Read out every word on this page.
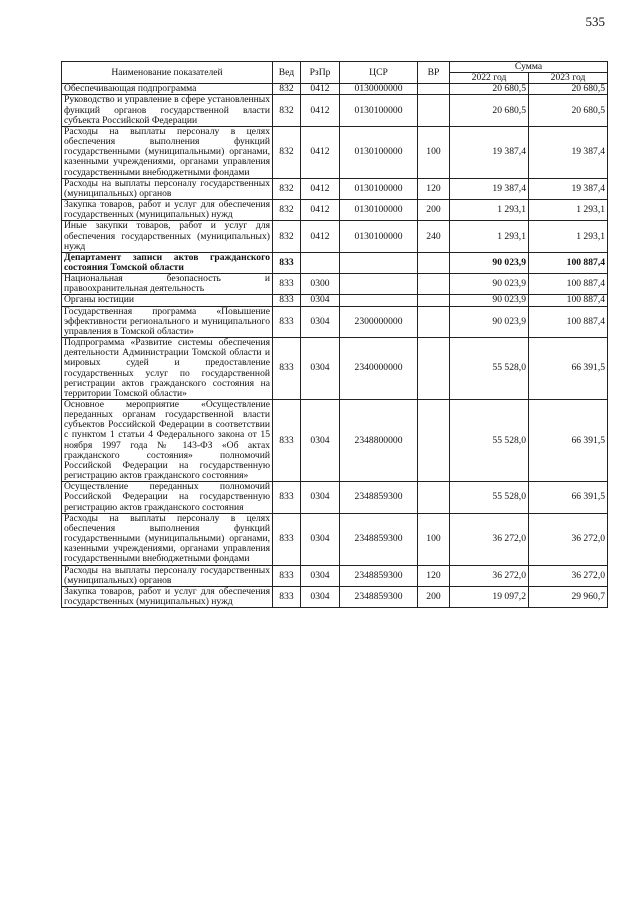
535
Наименование показателей	Вед	РзПр	ЦСР	ВР	Сумма	
					2022 год	2023 год
Обеспечивающая подпрограмма	832	0412	0130000000		20 680,5	20 680,5
Руководство и управление в сфере установленных функций органов государственной власти субъекта Российской Федерации	832	0412	0130100000		20 680,5	20 680,5
Расходы на выплаты персоналу в целях обеспечения выполнения функций государственными (муниципальными) органами, казенными учреждениями, органами управления государственными внебюджетными фондами	832	0412	0130100000	100	19 387,4	19 387,4
Расходы на выплаты персоналу государственных (муниципальных) органов	832	0412	0130100000	120	19 387,4	19 387,4
Закупка товаров, работ и услуг для обеспечения государственных (муниципальных) нужд	832	0412	0130100000	200	1 293,1	1 293,1
Иные закупки товаров, работ и услуг для обеспечения государственных (муниципальных) нужд	832	0412	0130100000	240	1 293,1	1 293,1
Департамент записи актов гражданского состояния Томской области	833				90 023,9	100 887,4
Национальная безопасность и правоохранительная деятельность	833	0300			90 023,9	100 887,4
Органы юстиции	833	0304			90 023,9	100 887,4
Государственная программа «Повышение эффективности регионального и муниципального управления в Томской области»	833	0304	2300000000		90 023,9	100 887,4
Подпрограмма «Развитие системы обеспечения деятельности Администрации Томской области и мировых судей и предоставление государственных услуг по государственной регистрации актов гражданского состояния на территории Томской области»	833	0304	2340000000		55 528,0	66 391,5
Основное мероприятие «Осуществление переданных органам государственной власти субъектов Российской Федерации в соответствии с пунктом 1 статьи 4 Федерального закона от 15 ноября 1997 года № 143-ФЗ «Об актах гражданского состояния» полномочий Российской Федерации на государственную регистрацию актов гражданского состояния»	833	0304	2348800000		55 528,0	66 391,5
Осуществление переданных полномочий Российской Федерации на государственную регистрацию актов гражданского состояния	833	0304	2348859300		55 528,0	66 391,5
Расходы на выплаты персоналу в целях обеспечения выполнения функций государственными (муниципальными) органами, казенными учреждениями, органами управления государственными внебюджетными фондами	833	0304	2348859300	100	36 272,0	36 272,0
Расходы на выплаты персоналу государственных (муниципальных) органов	833	0304	2348859300	120	36 272,0	36 272,0
Закупка товаров, работ и услуг для обеспечения государственных (муниципальных) нужд	833	0304	2348859300	200	19 097,2	29 960,7
